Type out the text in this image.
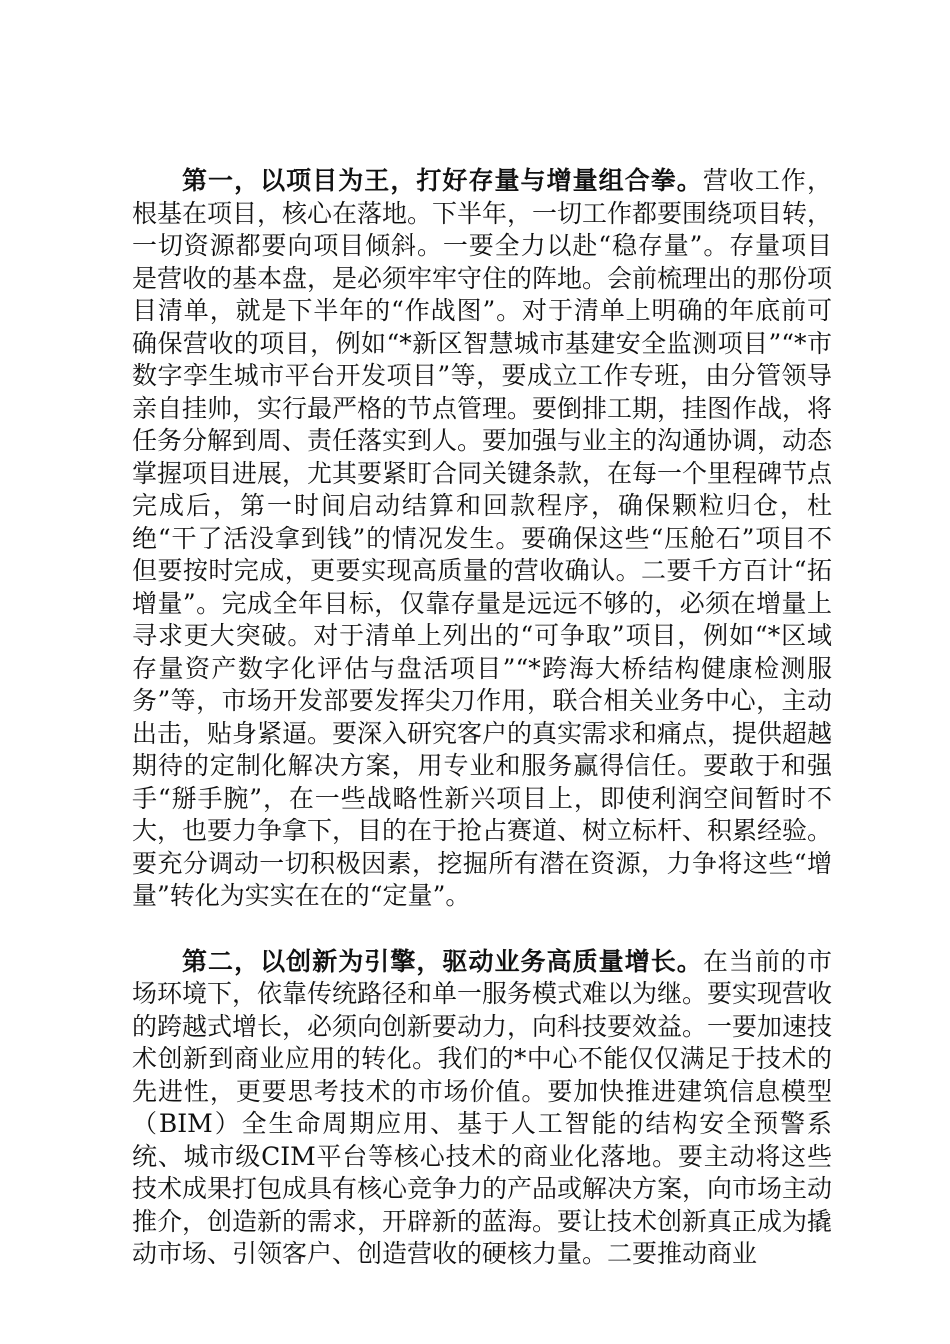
第一，以项目为王，打好存量与增量组合拳。营收工作，根基在项目，核心在落地。下半年，一切工作都要围绕项目转，一切资源都要向项目倾斜。一要全力以赴“稳存量”。存量项目是营收的基本盘，是必须牢牢守住的阵地。会前梳理出的那份项目清单，就是下半年的“作战图”。对于清单上明确的年底前可确保营收的项目，例如“*新区智慧城市基建安全监测项目”“*市数字孪生城市平台开发项目”等，要成立工作专班，由分管领导亲自挂帅，实行最严格的节点管理。要倒排工期，挂图作战，将任务分解到周、责任落实到人。要加强与业主的沟通协调，动态掌握项目进展，尤其要紧盯合同关键条款，在每一个里程碑节点完成后，第一时间启动结算和回款程序，确保颗粒归仓，杜绝“干了活没拿到钱”的情况发生。要确保这些“压舱石”项目不但要按时完成，更要实现高质量的营收确认。二要千方百计“拓增量”。完成全年目标，仅靠存量是远远不够的，必须在增量上寻求更大突破。对于清单上列出的“可争取”项目，例如“*区域存量资产数字化评估与盘活项目”“*跨海大桥结构健康检测服务”等，市场开发部要发挥尖刀作用，联合相关业务中心，主动出击，贴身紧逼。要深入研究客户的真实需求和痛点，提供超越期待的定制化解决方案，用专业和服务赢得信任。要敢于和强手“掰手腕”，在一些战略性新兴项目上，即使利润空间暂时不大，也要力争拿下，目的在于抢占赛道、树立标杆、积累经验。要充分调动一切积极因素，挖掘所有潜在资源，力争将这些“增量”转化为实实在在的“定量”。

第二，以创新为引擎，驱动业务高质量增长。在当前的市场环境下，依靠传统路径和单一服务模式难以为继。要实现营收的跨越式增长，必须向创新要动力，向科技要效益。一要加速技术创新到商业应用的转化。我们的*中心不能仅仅满足于技术的先进性，更要思考技术的市场价值。要加快推进建筑信息模型（BIM）全生命周期应用、基于人工智能的结构安全预警系统、城市级CIM平台等核心技术的商业化落地。要主动将这些技术成果打包成具有核心竞争力的产品或解决方案，向市场主动推介，创造新的需求，开辟新的蓝海。要让技术创新真正成为撬动市场、引领客户、创造营收的硬核力量。二要推动商业
